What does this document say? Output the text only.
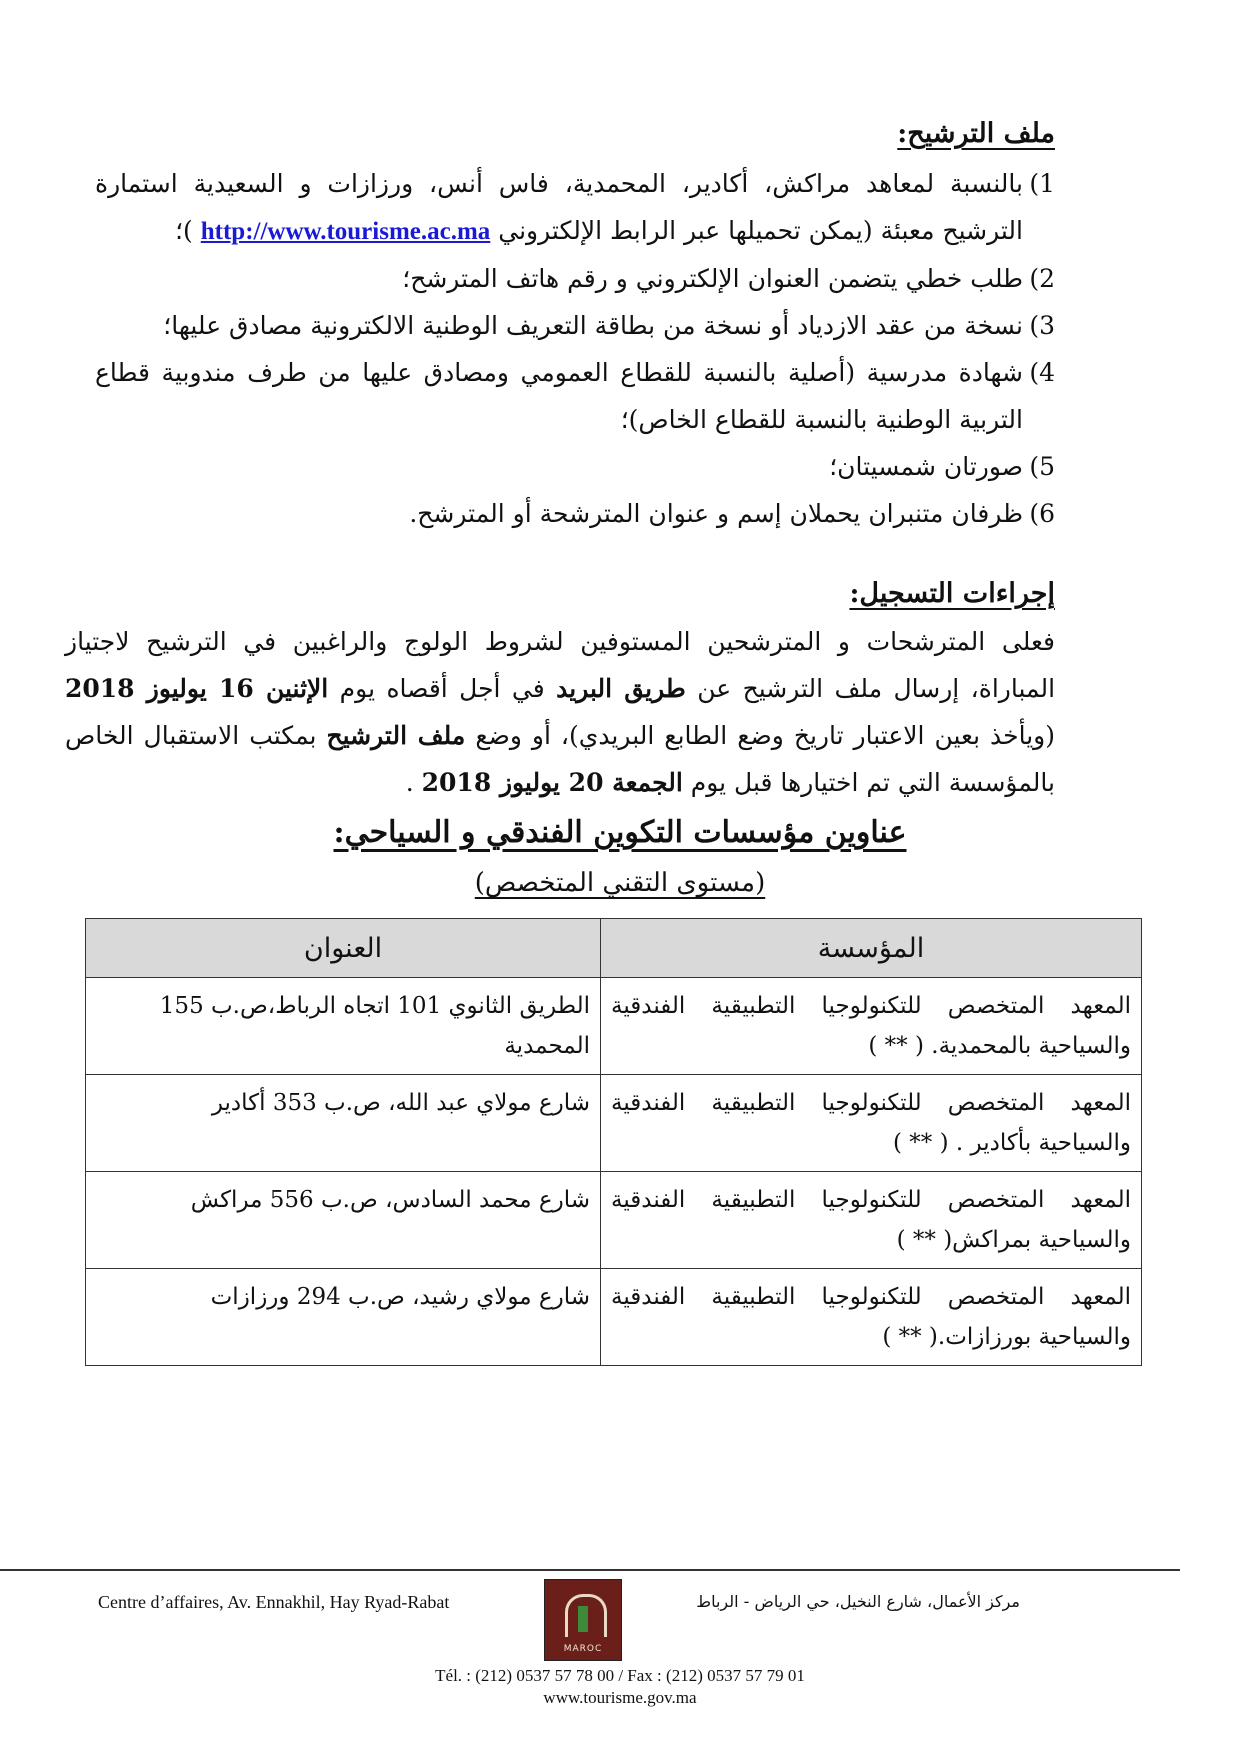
ملف الترشيح:
1)
بالنسبة لمعاهد مراكش، أكادير، المحمدية، فاس أنس، ورزازات و السعيدية استمارة الترشيح معبئة (يمكن تحميلها عبر الرابط الإلكتروني http://www.tourisme.ac.ma )؛
2)
طلب خطي يتضمن العنوان الإلكتروني و رقم هاتف المترشح؛
3)
نسخة من عقد الازدياد أو نسخة من بطاقة التعريف الوطنية الالكترونية مصادق عليها؛
4)
شهادة مدرسية (أصلية بالنسبة للقطاع العمومي ومصادق عليها من طرف مندوبية قطاع التربية الوطنية بالنسبة للقطاع الخاص)؛
5)
صورتان شمسيتان؛
6)
ظرفان متنبران يحملان إسم و عنوان المترشحة أو المترشح.
إجراءات التسجيل:
فعلى المترشحات و المترشحين المستوفين لشروط الولوج والراغبين في الترشيح لاجتياز المباراة، إرسال ملف الترشيح عن طريق البريد في أجل أقصاه يوم الإثنين 16 يوليوز 2018 (ويأخذ بعين الاعتبار تاريخ وضع الطابع البريدي)، أو وضع ملف الترشيح بمكتب الاستقبال الخاص بالمؤسسة التي تم اختيارها قبل يوم الجمعة 20 يوليوز 2018 .
عناوين مؤسسات التكوين الفندقي و السياحي:
(مستوى التقني المتخصص)
المؤسسة	العنوان
المعهد المتخصص للتكنولوجيا التطبيقية الفندقية والسياحية بالمحمدية. ( ** )	الطريق الثانوي 101 اتجاه الرباط،ص.ب 155 المحمدية
المعهد المتخصص للتكنولوجيا التطبيقية الفندقية والسياحية بأكادير . ( ** )	شارع مولاي عبد الله، ص.ب 353 أكادير
المعهد المتخصص للتكنولوجيا التطبيقية الفندقية والسياحية بمراكش( ** )	شارع محمد السادس، ص.ب 556 مراكش
المعهد المتخصص للتكنولوجيا التطبيقية الفندقية والسياحية بورزازات.( ** )	شارع مولاي رشيد، ص.ب 294 ورزازات
Centre d’affaires, Av. Ennakhil, Hay Ryad-Rabat
MAROC
مركز الأعمال، شارع النخيل، حي الرياض - الرباط
Tél. : (212) 0537 57 78 00 / Fax : (212) 0537 57 79 01
www.tourisme.gov.ma
